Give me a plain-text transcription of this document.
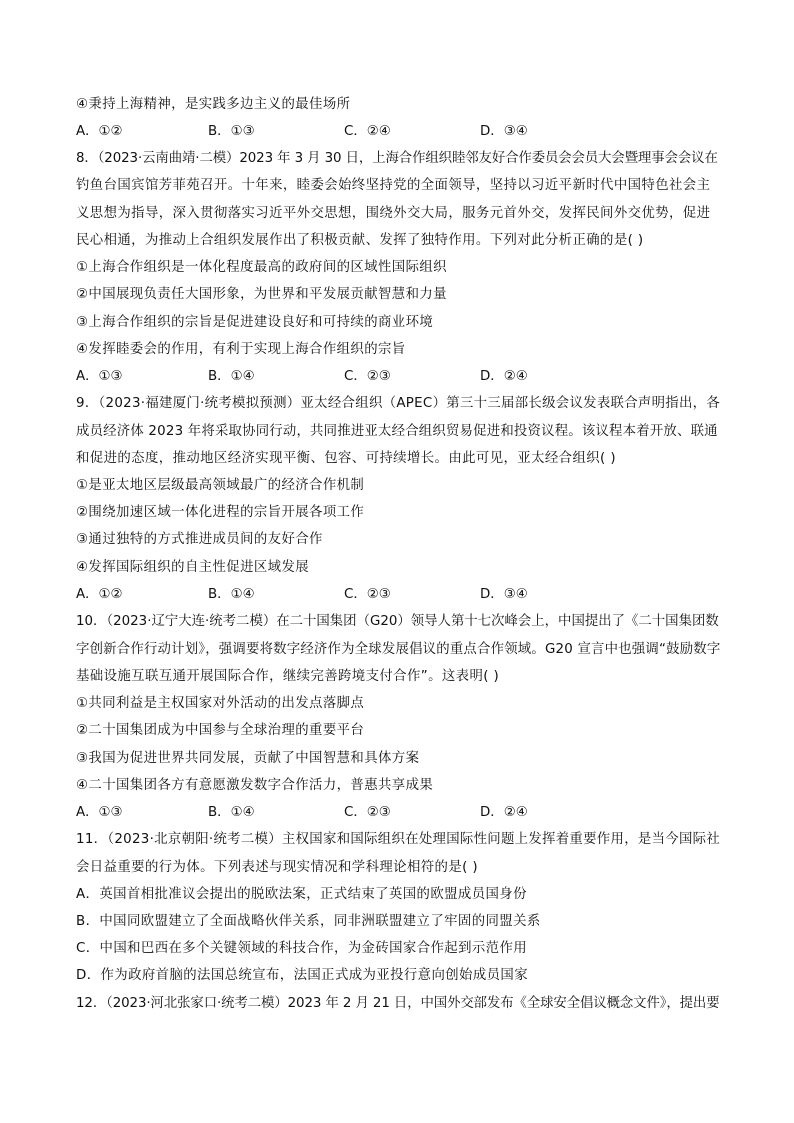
④秉持上海精神，是实践多边主义的最佳场所
A．①②	B．①③	C．②④	D．③④
8．（2023·云南曲靖·二模）2023 年 3 月 30 日，上海合作组织睦邻友好合作委员会会员大会暨理事会会议在
钓鱼台国宾馆芳菲苑召开。十年来，睦委会始终坚持党的全面领导，坚持以习近平新时代中国特色社会主
义思想为指导，深入贯彻落实习近平外交思想，围绕外交大局，服务元首外交，发挥民间外交优势，促进
民心相通，为推动上合组织发展作出了积极贡献、发挥了独特作用。下列对此分析正确的是( )
①上海合作组织是一体化程度最高的政府间的区域性国际组织
②中国展现负责任大国形象，为世界和平发展贡献智慧和力量
③上海合作组织的宗旨是促进建设良好和可持续的商业环境
④发挥睦委会的作用，有利于实现上海合作组织的宗旨
A．①③	B．①④	C．②③	D．②④
9．（2023·福建厦门·统考模拟预测）亚太经合组织（APEC）第三十三届部长级会议发表联合声明指出，各
成员经济体 2023 年将采取协同行动，共同推进亚太经合组织贸易促进和投资议程。该议程本着开放、联通
和促进的态度，推动地区经济实现平衡、包容、可持续增长。由此可见，亚太经合组织( )
①是亚太地区层级最高领域最广的经济合作机制
②围绕加速区域一体化进程的宗旨开展各项工作
③通过独特的方式推进成员间的友好合作
④发挥国际组织的自主性促进区域发展
A．①②	B．①④	C．②③	D．③④
10．（2023·辽宁大连·统考二模）在二十国集团（G20）领导人第十七次峰会上，中国提出了《二十国集团数
字创新合作行动计划》，强调要将数字经济作为全球发展倡议的重点合作领域。G20 宣言中也强调“鼓励数字
基础设施互联互通开展国际合作，继续完善跨境支付合作”。这表明( )
①共同利益是主权国家对外活动的出发点落脚点
②二十国集团成为中国参与全球治理的重要平台
③我国为促进世界共同发展，贡献了中国智慧和具体方案
④二十国集团各方有意愿激发数字合作活力，普惠共享成果
A．①③	B．①④	C．②③	D．②④
11．（2023·北京朝阳·统考二模）主权国家和国际组织在处理国际性问题上发挥着重要作用，是当今国际社
会日益重要的行为体。下列表述与现实情况和学科理论相符的是( )
A．英国首相批准议会提出的脱欧法案，正式结束了英国的欧盟成员国身份
B．中国同欧盟建立了全面战略伙伴关系，同非洲联盟建立了牢固的同盟关系
C．中国和巴西在多个关键领域的科技合作，为金砖国家合作起到示范作用
D．作为政府首脑的法国总统宣布，法国正式成为亚投行意向创始成员国家
12．（2023·河北张家口·统考二模）2023 年 2 月 21 日，中国外交部发布《全球安全倡议概念文件》，提出要
